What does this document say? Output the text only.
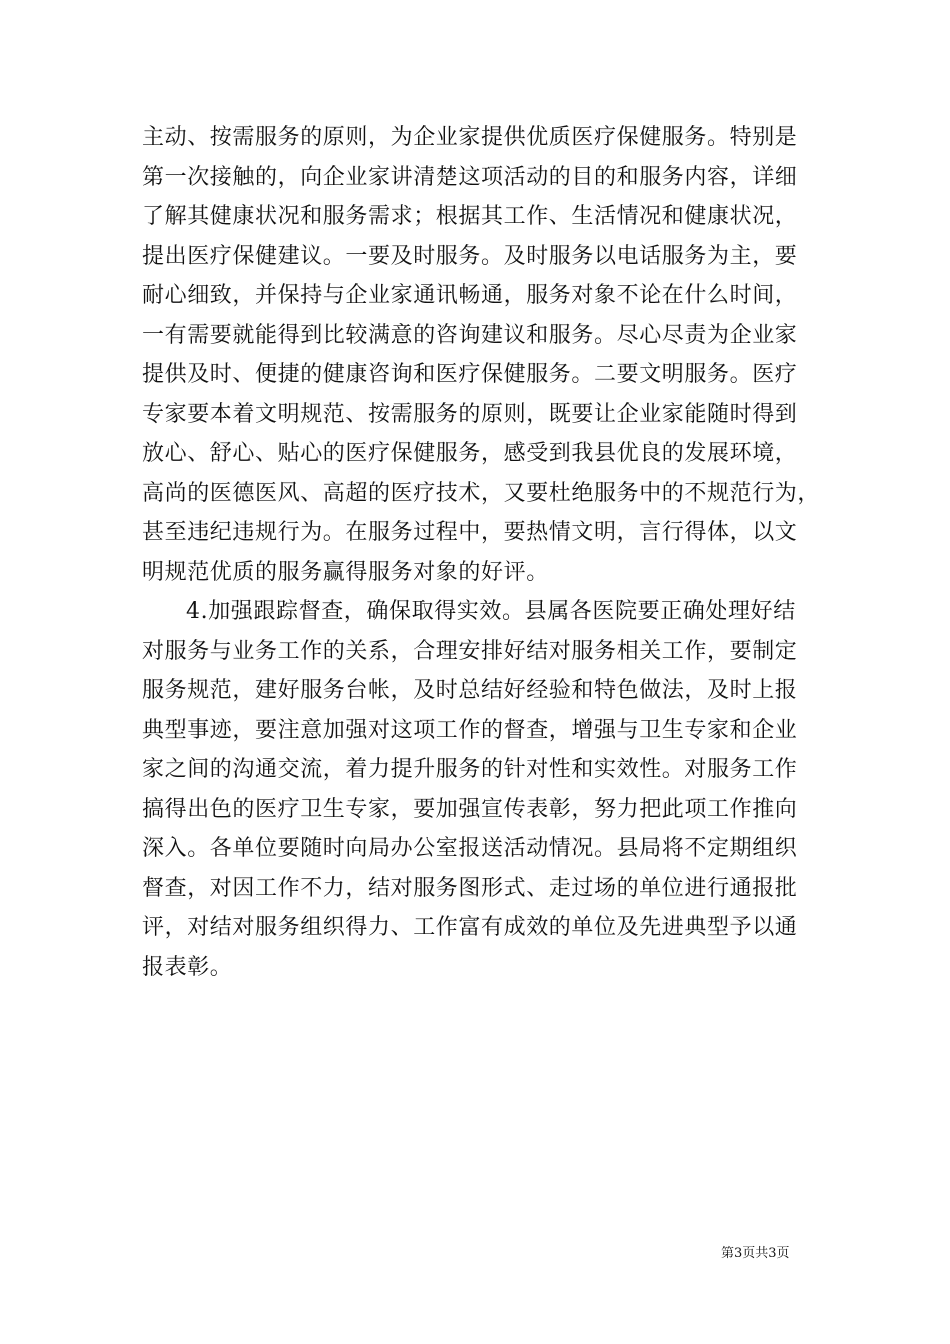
主动、按需服务的原则，为企业家提供优质医疗保健服务。特别是
第一次接触的，向企业家讲清楚这项活动的目的和服务内容，详细
了解其健康状况和服务需求；根据其工作、生活情况和健康状况，
提出医疗保健建议。一要及时服务。及时服务以电话服务为主，要
耐心细致，并保持与企业家通讯畅通，服务对象不论在什么时间，
一有需要就能得到比较满意的咨询建议和服务。尽心尽责为企业家
提供及时、便捷的健康咨询和医疗保健服务。二要文明服务。医疗
专家要本着文明规范、按需服务的原则，既要让企业家能随时得到
放心、舒心、贴心的医疗保健服务，感受到我县优良的发展环境，
高尚的医德医风、高超的医疗技术，又要杜绝服务中的不规范行为，
甚至违纪违规行为。在服务过程中，要热情文明，言行得体，以文
明规范优质的服务赢得服务对象的好评。
4.加强跟踪督查，确保取得实效。县属各医院要正确处理好结
对服务与业务工作的关系，合理安排好结对服务相关工作，要制定
服务规范，建好服务台帐，及时总结好经验和特色做法，及时上报
典型事迹，要注意加强对这项工作的督查，增强与卫生专家和企业
家之间的沟通交流，着力提升服务的针对性和实效性。对服务工作
搞得出色的医疗卫生专家，要加强宣传表彰，努力把此项工作推向
深入。各单位要随时向局办公室报送活动情况。县局将不定期组织
督查，对因工作不力，结对服务图形式、走过场的单位进行通报批
评，对结对服务组织得力、工作富有成效的单位及先进典型予以通
报表彰。
第3页共3页
